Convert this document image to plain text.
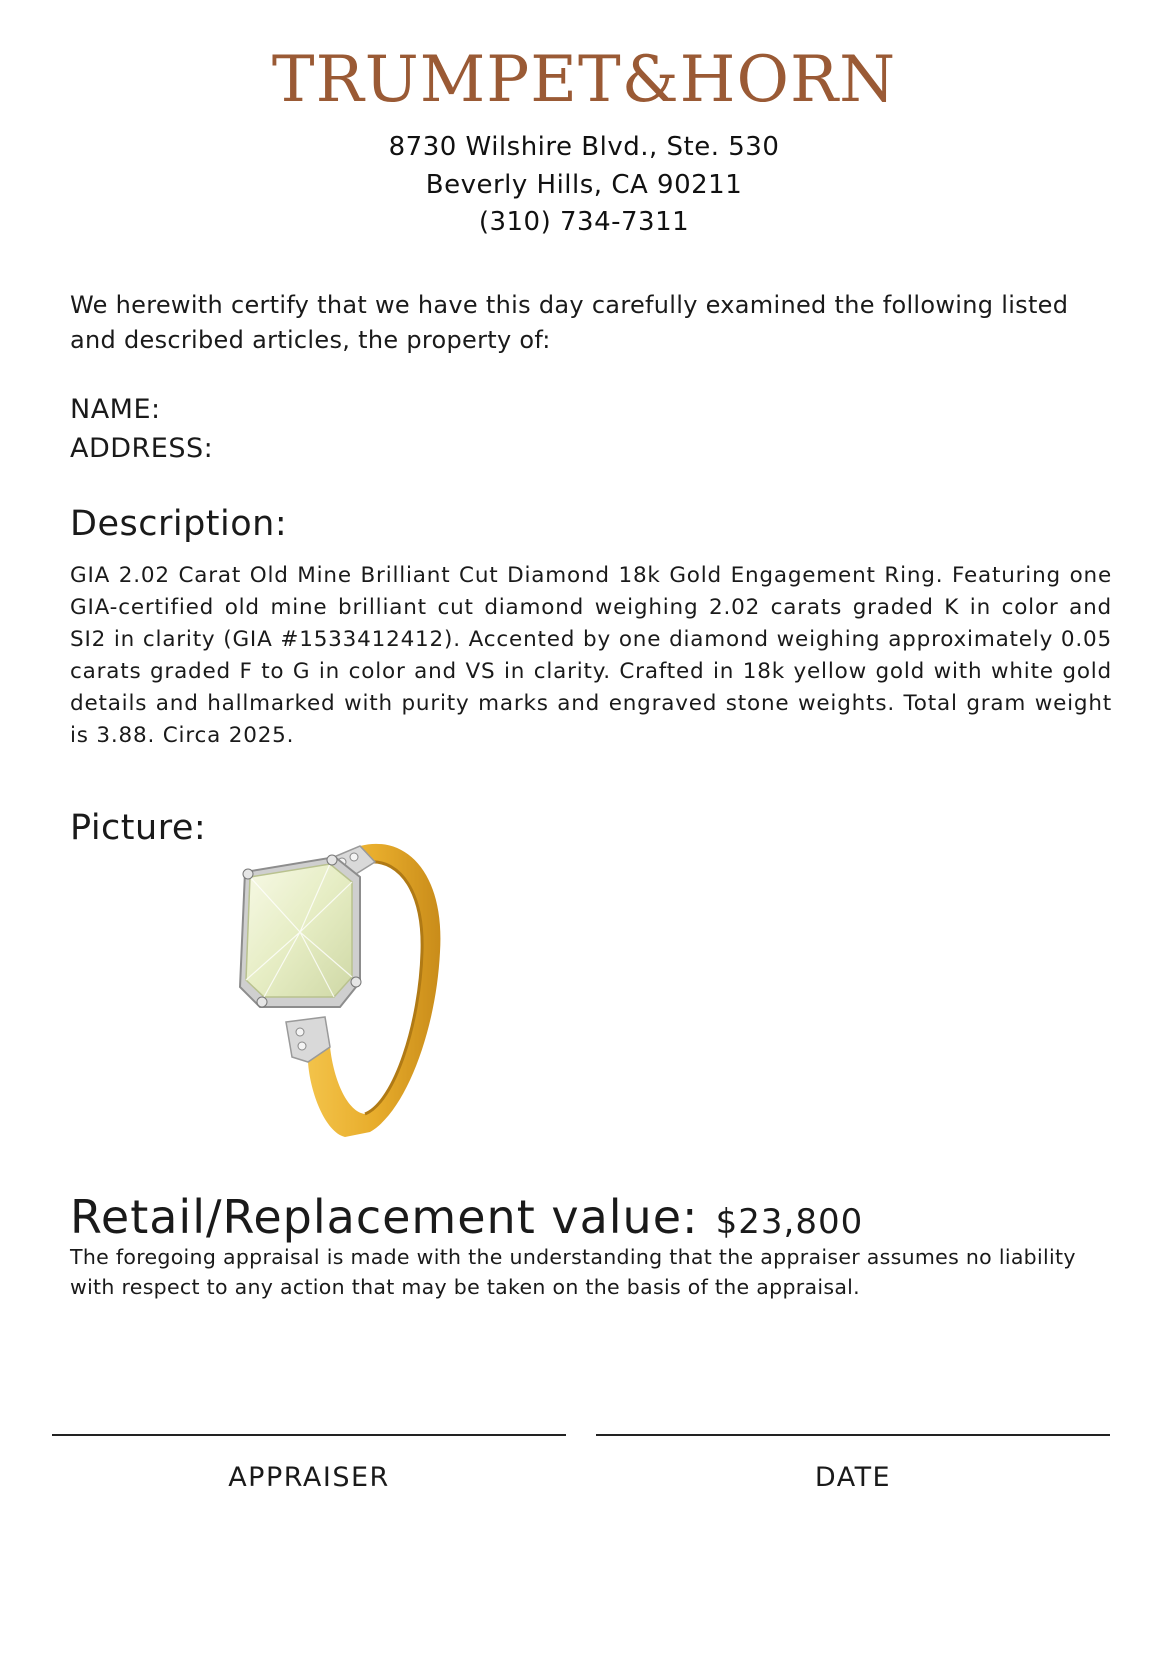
TRUMPET&HORN
8730 Wilshire Blvd., Ste. 530
Beverly Hills, CA 90211
(310) 734-7311
We herewith certify that we have this day carefully examined the following listed and described articles, the property of:
NAME:
ADDRESS:
Description:
GIA 2.02 Carat Old Mine Brilliant Cut Diamond 18k Gold Engagement Ring. Featuring one GIA-certified old mine brilliant cut diamond weighing 2.02 carats graded K in color and SI2 in clarity (GIA #1533412412). Accented by one diamond weighing approximately 0.05 carats graded F to G in color and VS in clarity. Crafted in 18k yellow gold with white gold details and hallmarked with purity marks and engraved stone weights. Total gram weight is 3.88. Circa 2025.
Picture:
Retail/Replacement value: $23,800
The foregoing appraisal is made with the understanding that the appraiser assumes no liability with respect to any action that may be taken on the basis of the appraisal.
APPRAISER	DATE
